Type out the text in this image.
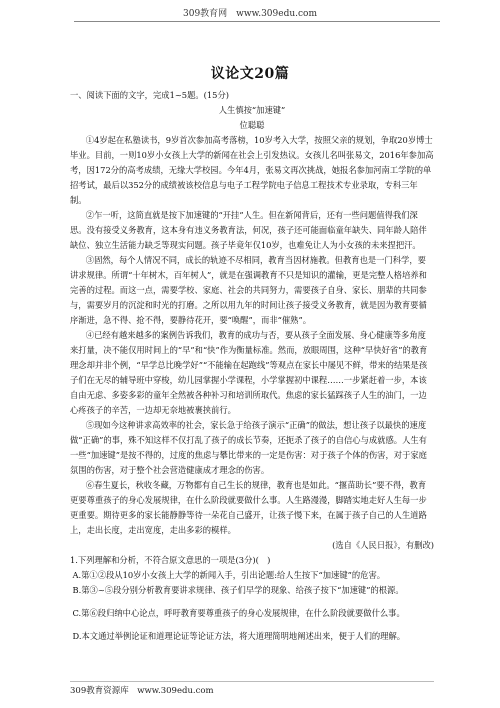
309教育网　www.309edu.com
议论文20篇

一、阅读下面的文字，完成1~5题。(15分)

人生慎按“加速键”

位聪聪

①4岁起在私塾读书，9岁首次参加高考落榜，10岁考入大学，按照父亲的规划，争取20岁博士毕业。目前，一则10岁小女孩上大学的新闻在社会上引发热议。女孩儿名叫张易文，2016年参加高考，因172分的高考成绩，无缘大学校园。今年4月，张易文再次挑战，她报名参加河南工学院的单招考试，最后以352分的成绩被该校信息与电子工程学院电子信息工程技术专业录取，专科三年制。

②乍一听，这简直就是按下加速键的“开挂”人生。但在新闻背后，还有一些问题值得我们深思。没有接受义务教育，这本身有违义务教育法，何况，孩子还可能面临童年缺失、同年龄人陪伴缺位、独立生活能力缺乏等现实问题。孩子毕竟年仅10岁，也难免让人为小女孩的未来捏把汗。

③固然，每个人情况不同，成长的轨迹不尽相同，教育当因材施教。但教育也是一门科学，要讲求规律。所谓“十年树木，百年树人”，就是在强调教育不只是知识的灌输，更是完整人格培养和完善的过程。而这一点，需要学校、家庭、社会的共同努力，需要孩子自身、家长、朋辈的共同参与，需要岁月的沉淀和时光的打磨。之所以用九年的时间让孩子接受义务教育，就是因为教育要循序渐进，急不得、抢不得，要静待花开，要“唤醒”，而非“催熟”。

④已经有越来越多的案例告诉我们，教育的成功与否，要从孩子全面发展、身心健康等多角度来打量，决不能仅用时间上的“早”和“快”作为衡量标准。然而，放眼周围，这种“早快好省”的教育理念却并非个例，“早学总比晚学好”“不能输在起跑线”等观点在家长中屡见不鲜，带来的结果是孩子们在无尽的辅导班中穿梭，幼儿园掌握小学课程，小学掌握初中课程……一步紧赶着一步，本该自由无虑、多姿多彩的童年全然被各种补习和培训所取代。焦虑的家长猛踩孩子人生的油门，一边心疼孩子的辛苦，一边却无奈地被裹挟前行。

⑤现如今这种讲求高效率的社会，家长急于给孩子演示“正确”的做法，想让孩子以最快的速度做“正确”的事，殊不知这样不仅打乱了孩子的成长节奏，还扼杀了孩子的自信心与成就感。人生有一些“加速键”是按不得的，过度的焦虑与攀比带来的一定是伤害：对于孩子个体的伤害，对于家庭氛围的伤害，对于整个社会营造健康成才理念的伤害。

⑥春生夏长，秋收冬藏，万物都有自己生长的规律，教育也是如此。“揠苗助长”要不得，教育更要尊重孩子的身心发展规律，在什么阶段就要做什么事。人生路漫漫，脚踏实地走好人生每一步更重要。期待更多的家长能静静等待一朵花自己盛开，让孩子慢下来，在属于孩子自己的人生道路上，走出长度，走出宽度，走出多彩的模样。

(选自《人民日报》，有删改)

1.下列理解和分析，不符合原文意思的一项是(3分)(　)

A.第①②段从10岁小女孩上大学的新闻入手，引出论题:给人生按下“加速键”的危害。

B.第③~⑤段分别分析教育要讲求规律、孩子们早学的现象、给孩子按下“加速键”的根源。

C.第⑥段归纳中心论点，呼吁教育要尊重孩子的身心发展规律，在什么阶段就要做什么事。

D.本文通过举例论证和道理论证等论证方法，将大道理简明地阐述出来，便于人们的理解。

309教育资源库　www.309edu.com
